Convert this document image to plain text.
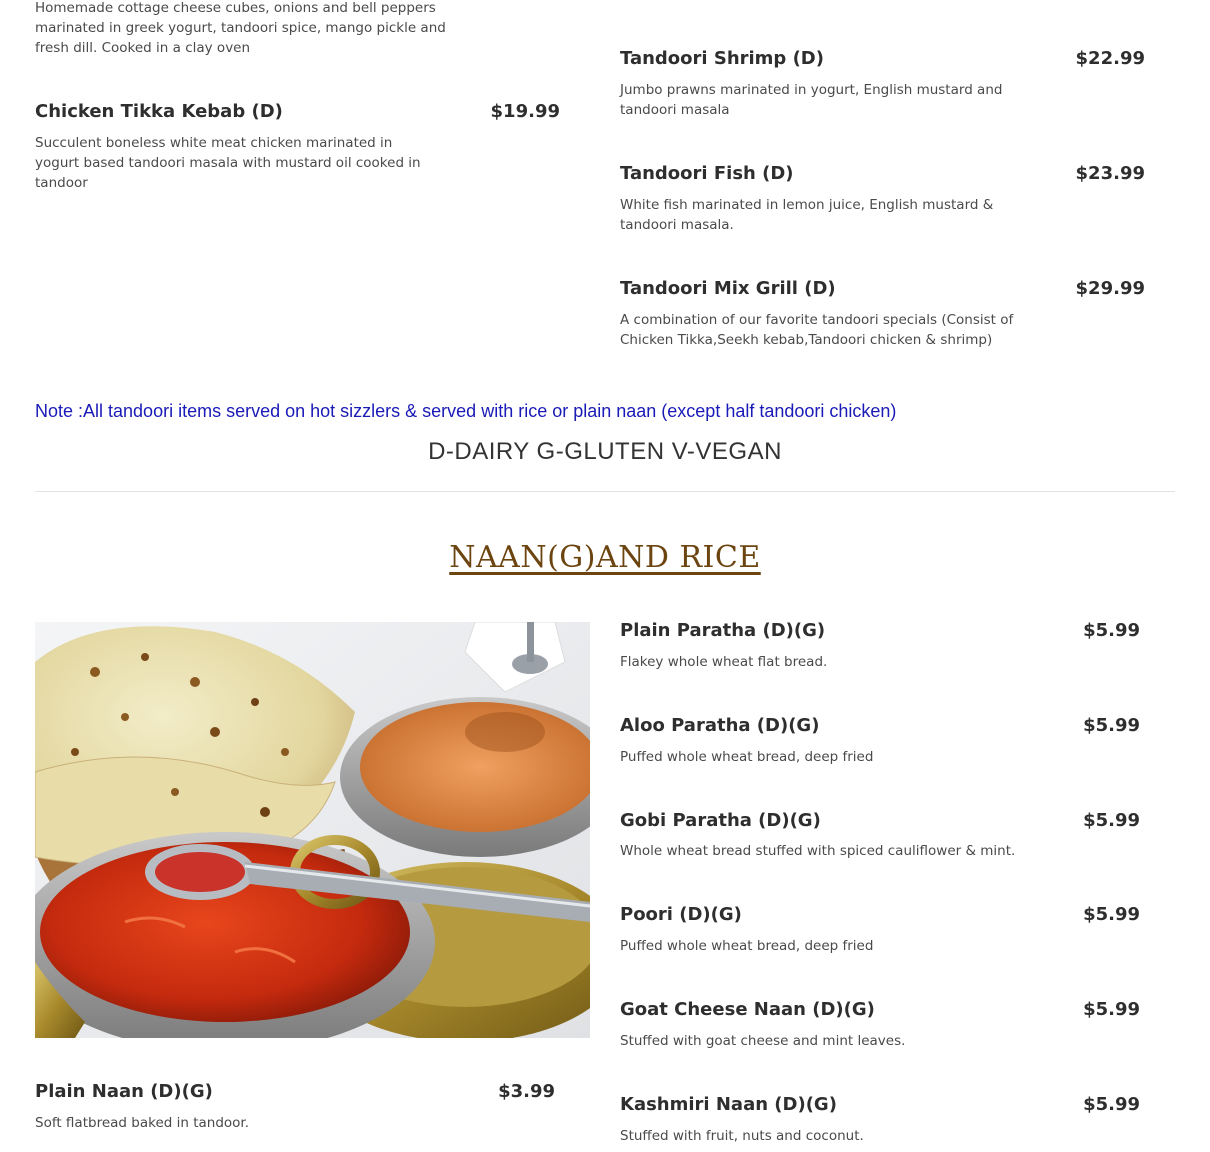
Homemade cottage cheese cubes, onions and bell peppers marinated in greek yogurt, tandoori spice, mango pickle and fresh dill. Cooked in a clay oven
Chicken Tikka Kebab (D)	$19.99
Succulent boneless white meat chicken marinated in yogurt based tandoori masala with mustard oil cooked in tandoor
Tandoori Shrimp (D)	$22.99
Jumbo prawns marinated in yogurt, English mustard and tandoori masala
Tandoori Fish (D)	$23.99
White fish marinated in lemon juice, English mustard & tandoori masala.
Tandoori Mix Grill (D)	$29.99
A combination of our favorite tandoori specials (Consist of Chicken Tikka,Seekh kebab,Tandoori chicken & shrimp)
Note :All tandoori items served on hot sizzlers & served with rice or plain naan (except half tandoori chicken)
D-DAIRY G-GLUTEN V-VEGAN
NAAN(G)AND RICE
Plain Naan (D)(G)	$3.99
Soft flatbread baked in tandoor.
Plain Paratha (D)(G)	$5.99
Flakey whole wheat flat bread.
Aloo Paratha (D)(G)	$5.99
Puffed whole wheat bread, deep fried
Gobi Paratha (D)(G)	$5.99
Whole wheat bread stuffed with spiced cauliflower & mint.
Poori (D)(G)	$5.99
Puffed whole wheat bread, deep fried
Goat Cheese Naan (D)(G)	$5.99
Stuffed with goat cheese and mint leaves.
Kashmiri Naan (D)(G)	$5.99
Stuffed with fruit, nuts and coconut.
